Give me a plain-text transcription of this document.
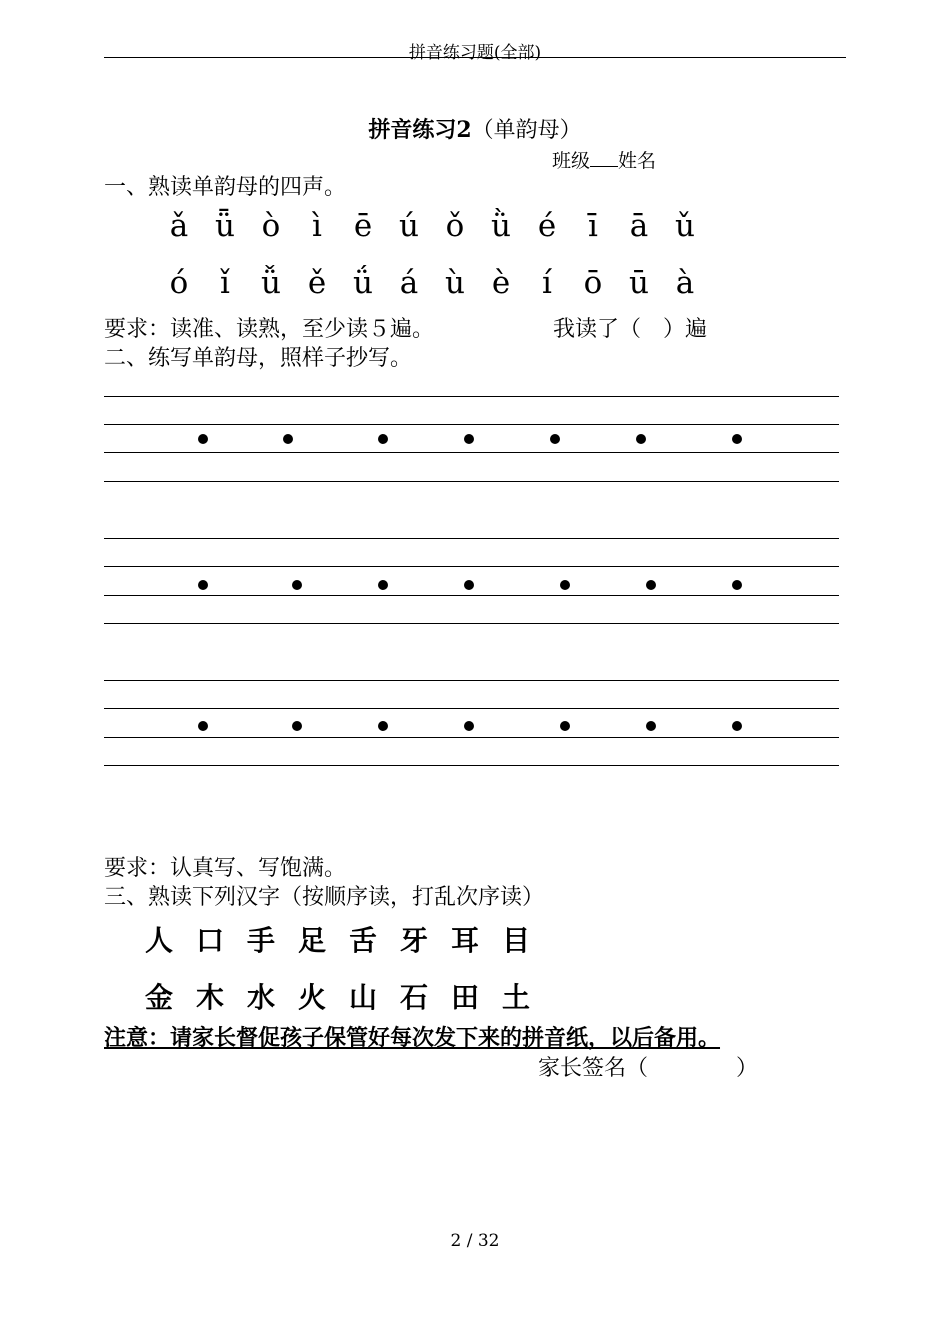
拼音练习题(全部)
拼音练习2（单韵母）
班级 姓名
一、熟读单韵母的四声。
ǎ ǖ ò	ì	ē ú ǒ ǜ é	ī	ā ǔ
ó	ǐ	ǚ ě ǘ á ù è	í	ō ū à
要求：读准、读熟，至少读５遍。	我读了（　）遍
二、练写单韵母，照样子抄写。
要求：认真写、写饱满。
三、熟读下列汉字（按顺序读，打乱次序读）
人 口 手 足 舌 牙 耳 目
金 木 水 火 山 石 田 土
注意：请家长督促孩子保管好每次发下来的拼音纸，以后备用。
家长签名（　　　　）
2 / 32
